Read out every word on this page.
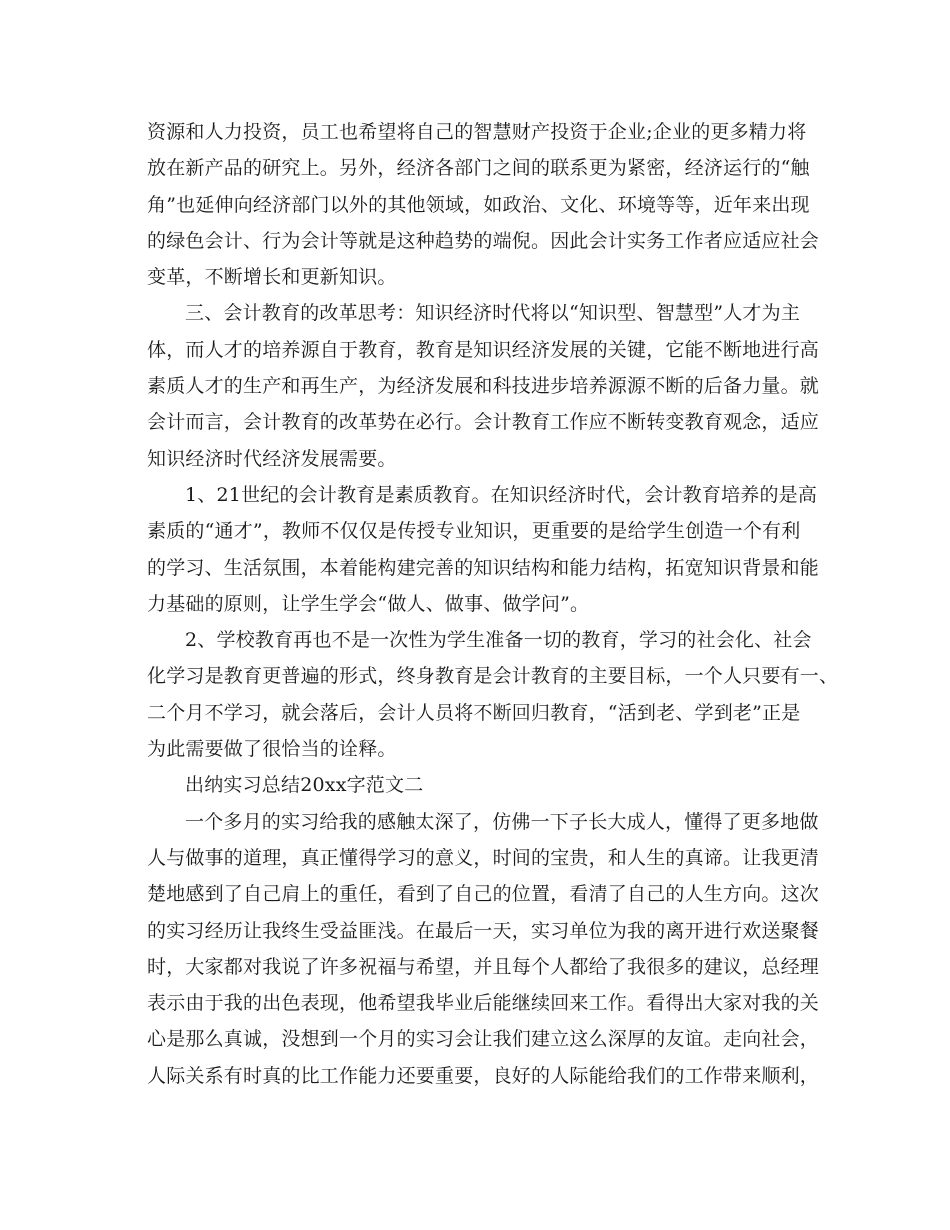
资源和人力投资，员工也希望将自己的智慧财产投资于企业;企业的更多精力将
放在新产品的研究上。另外，经济各部门之间的联系更为紧密，经济运行的“触
角”也延伸向经济部门以外的其他领域，如政治、文化、环境等等，近年来出现
的绿色会计、行为会计等就是这种趋势的端倪。因此会计实务工作者应适应社会
变革，不断增长和更新知识。
三、会计教育的改革思考：知识经济时代将以“知识型、智慧型”人才为主
体，而人才的培养源自于教育，教育是知识经济发展的关键，它能不断地进行高
素质人才的生产和再生产，为经济发展和科技进步培养源源不断的后备力量。就
会计而言，会计教育的改革势在必行。会计教育工作应不断转变教育观念，适应
知识经济时代经济发展需要。
1、21世纪的会计教育是素质教育。在知识经济时代，会计教育培养的是高
素质的“通才”，教师不仅仅是传授专业知识，更重要的是给学生创造一个有利
的学习、生活氛围，本着能构建完善的知识结构和能力结构，拓宽知识背景和能
力基础的原则，让学生学会“做人、做事、做学问”。
2、学校教育再也不是一次性为学生准备一切的教育，学习的社会化、社会
化学习是教育更普遍的形式，终身教育是会计教育的主要目标，一个人只要有一、
二个月不学习，就会落后，会计人员将不断回归教育，“活到老、学到老”正是
为此需要做了很恰当的诠释。
出纳实习总结20xx字范文二
一个多月的实习给我的感触太深了，仿佛一下子长大成人，懂得了更多地做
人与做事的道理，真正懂得学习的意义，时间的宝贵，和人生的真谛。让我更清
楚地感到了自己肩上的重任，看到了自己的位置，看清了自己的人生方向。这次
的实习经历让我终生受益匪浅。在最后一天，实习单位为我的离开进行欢送聚餐
时，大家都对我说了许多祝福与希望，并且每个人都给了我很多的建议，总经理
表示由于我的出色表现，他希望我毕业后能继续回来工作。看得出大家对我的关
心是那么真诚，没想到一个月的实习会让我们建立这么深厚的友谊。走向社会，
人际关系有时真的比工作能力还要重要，良好的人际能给我们的工作带来顺利，
